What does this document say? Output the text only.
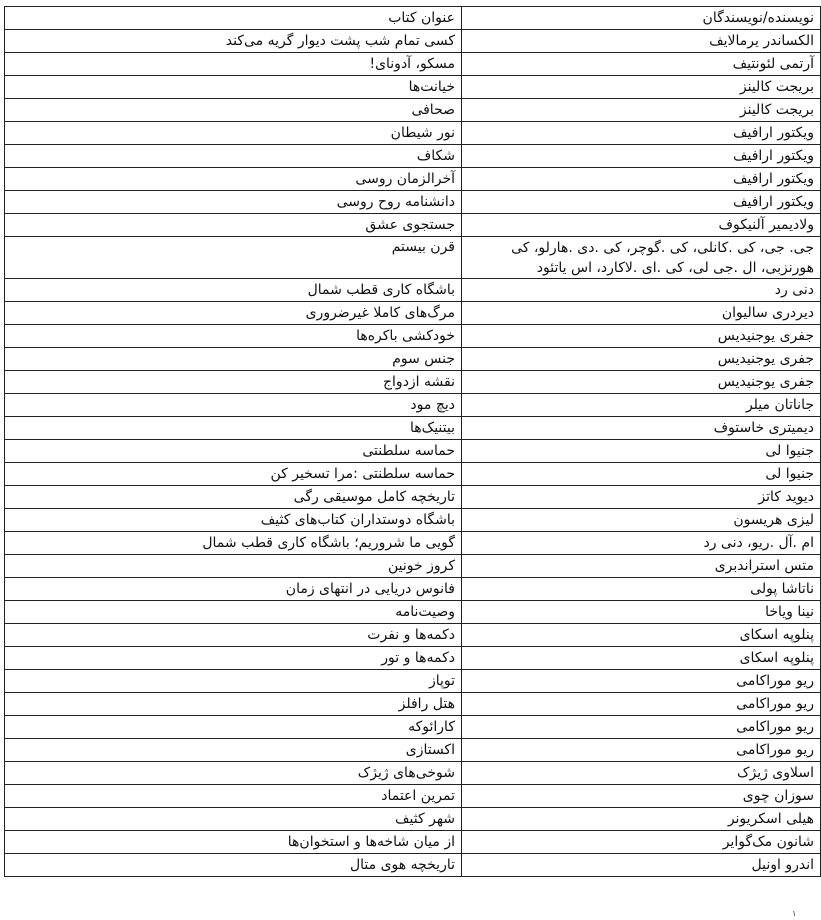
نویسنده/نویسندگان	عنوان کتاب
الکساندر یرمالایف	کسی تمام شب پشت دیوار گریه می‌کند
آرتمی لئونتیف	مسکو، آدونای!
بریجت کالینز	خیانت‌ها
بریجت کالینز	صحافی
ویکتور ارافیف	نور شیطان
ویکتور ارافیف	شکاف
ویکتور ارافیف	آخرالزمان روسی
ویکتور ارافیف	دانشنامه روح روسی
ولادیمیر آلنیکوف	جستجوی عشق
جی. جی، کی .کانلی، کی .گوچر، کی .دی .هارلو، کی هورنزبی، ال .جی لی، کی .ای .لاکارد، اس یاتئود	قرن بیستم
دنی رد	باشگاه کاری قطب شمال
دیردری سالیوان	مرگ‌های کاملا غیرضروری
جفری یوجنیدیس	خودکشی باکره‌ها
جفری یوجنیدیس	جنس سوم
جفری یوجنیدیس	نقشه ازدواج
جاناتان میلر	دیچ مود
دیمیتری خاستوف	بیتنیک‌ها
جنیوا لی	حماسه سلطنتی
جنیوا لی	حماسه سلطنتی :مرا تسخیر کن
دیوید کاتز	تاریخچه کامل موسیقی رگی
لیزی هریسون	باشگاه دوستداران کتاب‌های کثیف
ام .آل .ریو، دنی رد	گویی ما شروریم؛ باشگاه کاری قطب شمال
متس استراندبری	کروز خونین
ناتاشا پولی	فانوس دریایی در انتهای زمان
نینا ویاخا	وصیت‌نامه
پنلوپه اسکای	دکمه‌ها و نفرت
پنلوپه اسکای	دکمه‌ها و تور
ریو موراکامی	توپاز
ریو موراکامی	هتل رافلز
ریو موراکامی	کارائوکه
ریو موراکامی	اکستازی
اسلاوی ژیژک	شوخی‌های ژیژک
سوزان چوی	تمرین اعتماد
هیلی اسکریونر	شهر کثیف
شانون مک‌گوایر	از میان شاخه‌ها و استخوان‌ها
اندرو اونیل	تاریخچه هوی متال
۱
